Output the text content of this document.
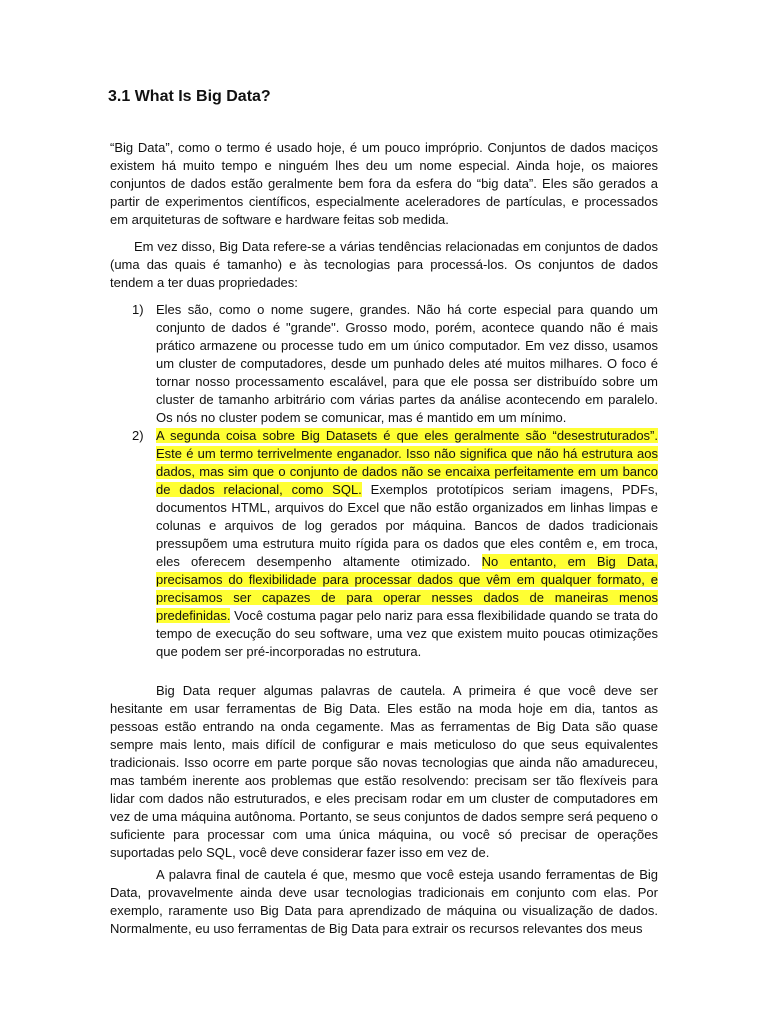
3.1 What Is Big Data?

“Big Data”, como o termo é usado hoje, é um pouco impróprio. Conjuntos de dados maciços existem há muito tempo e ninguém lhes deu um nome especial. Ainda hoje, os maiores conjuntos de dados estão geralmente bem fora da esfera do “big data”. Eles são gerados a partir de experimentos científicos, especialmente aceleradores de partículas, e processados em arquiteturas de software e hardware feitas sob medida.

Em vez disso, Big Data refere-se a várias tendências relacionadas em conjuntos de dados (uma das quais é tamanho) e às tecnologias para processá-los. Os conjuntos de dados tendem a ter duas propriedades:

1) Eles são, como o nome sugere, grandes. Não há corte especial para quando um conjunto de dados é "grande". Grosso modo, porém, acontece quando não é mais prático armazene ou processe tudo em um único computador. Em vez disso, usamos um cluster de computadores, desde um punhado deles até muitos milhares. O foco é tornar nosso processamento escalável, para que ele possa ser distribuído sobre um cluster de tamanho arbitrário com várias partes da análise acontecendo em paralelo. Os nós no cluster podem se comunicar, mas é mantido em um mínimo.
2) A segunda coisa sobre Big Datasets é que eles geralmente são “desestruturados”. Este é um termo terrivelmente enganador. Isso não significa que não há estrutura aos dados, mas sim que o conjunto de dados não se encaixa perfeitamente em um banco de dados relacional, como SQL. Exemplos prototípicos seriam imagens, PDFs, documentos HTML, arquivos do Excel que não estão organizados em linhas limpas e colunas e arquivos de log gerados por máquina. Bancos de dados tradicionais pressupõem uma estrutura muito rígida para os dados que eles contêm e, em troca, eles oferecem desempenho altamente otimizado. No entanto, em Big Data, precisamos do flexibilidade para processar dados que vêm em qualquer formato, e precisamos ser capazes de para operar nesses dados de maneiras menos predefinidas. Você costuma pagar pelo nariz para essa flexibilidade quando se trata do tempo de execução do seu software, uma vez que existem muito poucas otimizações que podem ser pré-incorporadas no estrutura.

Big Data requer algumas palavras de cautela. A primeira é que você deve ser hesitante em usar ferramentas de Big Data. Eles estão na moda hoje em dia, tantos as pessoas estão entrando na onda cegamente. Mas as ferramentas de Big Data são quase sempre mais lento, mais difícil de configurar e mais meticuloso do que seus equivalentes tradicionais. Isso ocorre em parte porque são novas tecnologias que ainda não amadureceu, mas também inerente aos problemas que estão resolvendo: precisam ser tão flexíveis para lidar com dados não estruturados, e eles precisam rodar em um cluster de computadores em vez de uma máquina autônoma. Portanto, se seus conjuntos de dados sempre será pequeno o suficiente para processar com uma única máquina, ou você só precisar de operações suportadas pelo SQL, você deve considerar fazer isso em vez de.

A palavra final de cautela é que, mesmo que você esteja usando ferramentas de Big Data, provavelmente ainda deve usar tecnologias tradicionais em conjunto com elas. Por exemplo, raramente uso Big Data para aprendizado de máquina ou visualização de dados. Normalmente, eu uso ferramentas de Big Data para extrair os recursos relevantes dos meus
